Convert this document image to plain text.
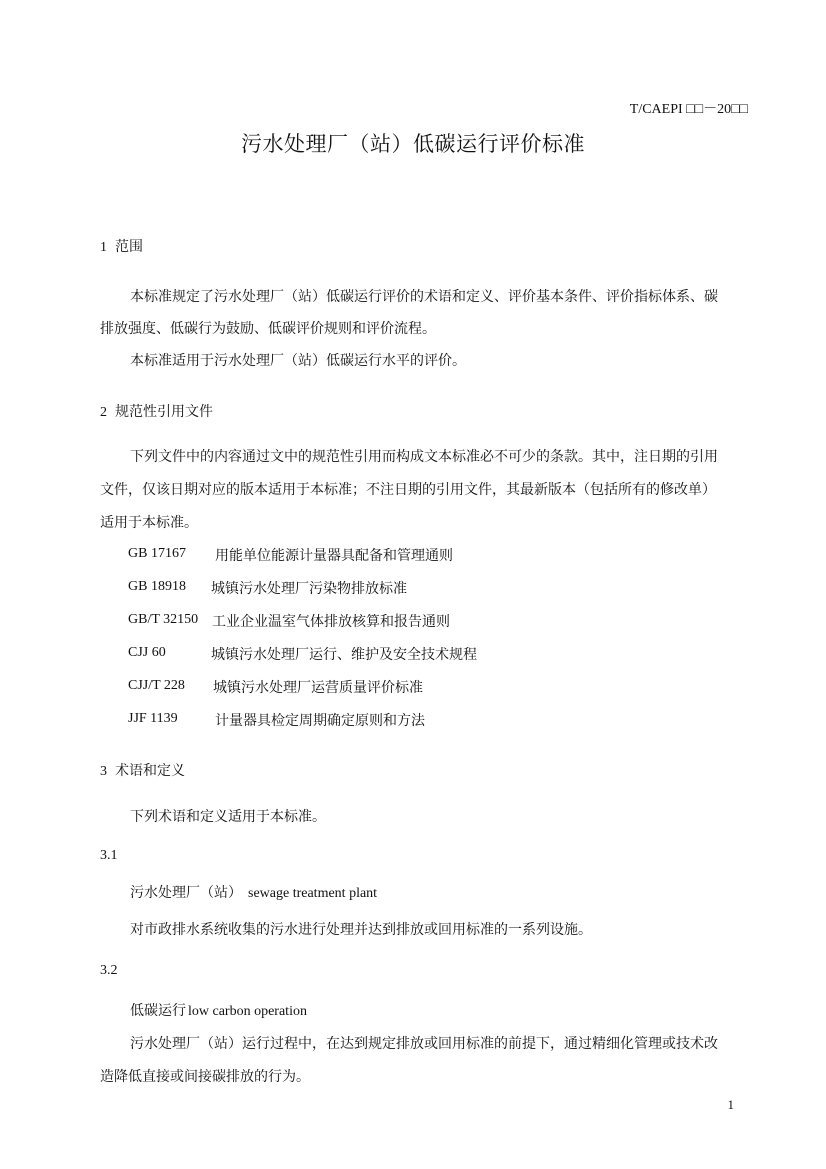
T/CAEPI □□－20□□
污水处理厂（站）低碳运行评价标准
1 范围
本标准规定了污水处理厂（站）低碳运行评价的术语和定义、评价基本条件、评价指标体系、碳
排放强度、低碳行为鼓励、低碳评价规则和评价流程。
本标准适用于污水处理厂（站）低碳运行水平的评价。
2 规范性引用文件
下列文件中的内容通过文中的规范性引用而构成文本标准必不可少的条款。其中，注日期的引用
文件，仅该日期对应的版本适用于本标准；不注日期的引用文件，其最新版本（包括所有的修改单）
适用于本标准。
GB 17167 用能单位能源计量器具配备和管理通则
GB 18918 城镇污水处理厂污染物排放标准
GB/T 32150 工业企业温室气体排放核算和报告通则
CJJ 60	城镇污水处理厂运行、维护及安全技术规程
CJJ/T 228 城镇污水处理厂运营质量评价标准
JJF 1139	计量器具检定周期确定原则和方法
3 术语和定义
下列术语和定义适用于本标准。
3.1
污水处理厂（站） sewage treatment plant
对市政排水系统收集的污水进行处理并达到排放或回用标准的一系列设施。
3.2
低碳运行 low carbon operation
污水处理厂（站）运行过程中，在达到规定排放或回用标准的前提下，通过精细化管理或技术改
造降低直接或间接碳排放的行为。
1
